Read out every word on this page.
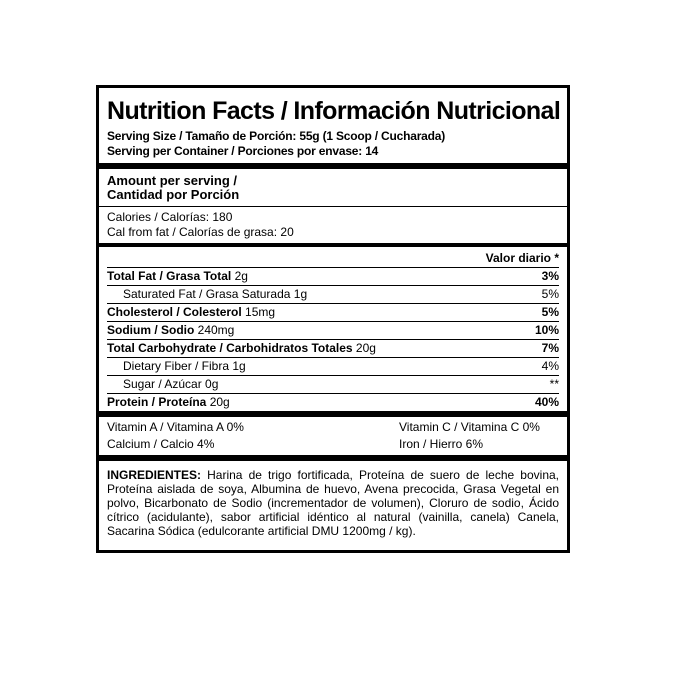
Nutrition Facts / Información Nutricional
Serving Size / Tamaño de Porción: 55g (1 Scoop / Cucharada)
Serving per Container / Porciones por envase: 14
Amount per serving /
Cantidad por Porción
Calories / Calorías: 180
Cal from fat / Calorías de grasa: 20
Valor diario *
Total Fat / Grasa Total 2g	3%
Saturated Fat / Grasa Saturada 1g	5%
Cholesterol / Colesterol 15mg	5%
Sodium / Sodio 240mg	10%
Total Carbohydrate / Carbohidratos Totales 20g	7%
Dietary Fiber / Fibra 1g	4%
Sugar / Azúcar 0g	**
Protein / Proteína 20g	40%
Vitamin A / Vitamina A 0%	Vitamin C / Vitamina C 0%
Calcium / Calcio 4%	Iron / Hierro 6%
INGREDIENTES: Harina de trigo fortificada, Proteína de suero de leche bovina, Proteína aislada de soya, Albumina de huevo, Avena precocida, Grasa Vegetal en polvo, Bicarbonato de Sodio (incrementador de volumen), Cloruro de sodio, Ácido cítrico (acidulante), sabor artificial idéntico al natural (vainilla, canela) Canela, Sacarina Sódica (edulcorante artificial DMU 1200mg / kg).
